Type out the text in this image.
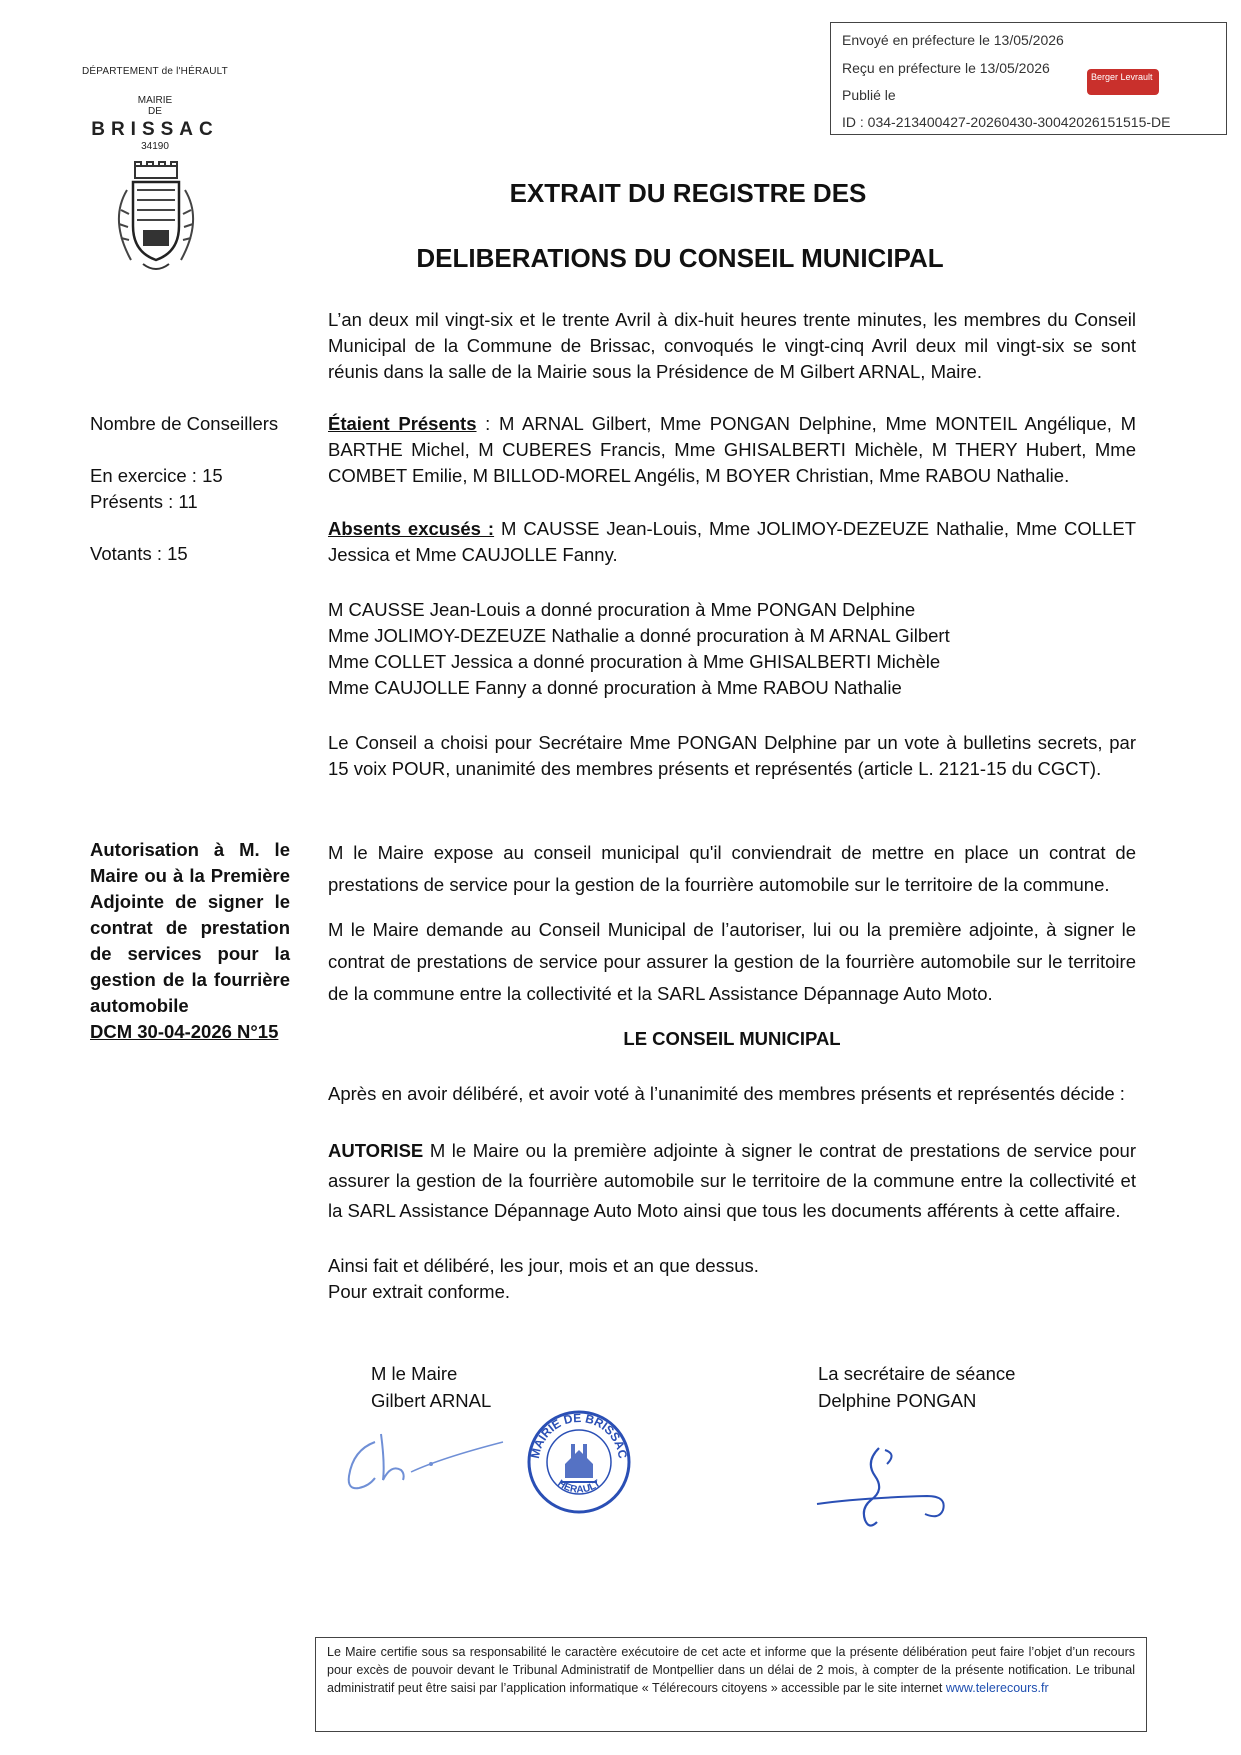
Envoyé en préfecture le 13/05/2026
Reçu en préfecture le 13/05/2026
Publié le
ID : 034-213400427-20260430-30042026151515-DE
Berger Levrault
DÉPARTEMENT de l'HÉRAULT
MAIRIE
DE
BRISSAC
34190
EXTRAIT DU REGISTRE DES
DELIBERATIONS DU CONSEIL MUNICIPAL
L’an deux mil vingt-six et le trente Avril à dix-huit heures trente minutes, les membres du Conseil Municipal de la Commune de Brissac, convoqués le vingt-cinq Avril deux mil vingt-six se sont réunis dans la salle de la Mairie sous la Présidence de M Gilbert ARNAL, Maire.
Nombre de Conseillers
En exercice : 15
Présents : 11
Votants : 15
Étaient Présents : M ARNAL Gilbert, Mme PONGAN Delphine, Mme MONTEIL Angélique, M BARTHE Michel, M CUBERES Francis, Mme GHISALBERTI Michèle, M THERY Hubert, Mme COMBET Emilie, M BILLOD-MOREL Angélis, M BOYER Christian, Mme RABOU Nathalie.
Absents excusés : M CAUSSE Jean-Louis, Mme JOLIMOY-DEZEUZE Nathalie, Mme COLLET Jessica et Mme CAUJOLLE Fanny.
M CAUSSE Jean-Louis a donné procuration à Mme PONGAN Delphine
Mme JOLIMOY-DEZEUZE Nathalie a donné procuration à M ARNAL Gilbert
Mme COLLET Jessica a donné procuration à Mme GHISALBERTI Michèle
Mme CAUJOLLE Fanny a donné procuration à Mme RABOU Nathalie
Le Conseil a choisi pour Secrétaire Mme PONGAN Delphine par un vote à bulletins secrets, par 15 voix POUR, unanimité des membres présents et représentés (article L. 2121-15 du CGCT).
Autorisation à M. le Maire ou à la Première Adjointe de signer le contrat de prestation de services pour la gestion de la fourrière automobile
DCM 30-04-2026 N°15
M le Maire expose au conseil municipal qu'il conviendrait de mettre en place un contrat de prestations de service pour la gestion de la fourrière automobile sur le territoire de la commune.
M le Maire demande au Conseil Municipal de l’autoriser, lui ou la première adjointe, à signer le contrat de prestations de service pour assurer la gestion de la fourrière automobile sur le territoire de la commune entre la collectivité et la SARL Assistance Dépannage Auto Moto.
LE CONSEIL MUNICIPAL
Après en avoir délibéré, et avoir voté à l’unanimité des membres présents et représentés décide :
AUTORISE M le Maire ou la première adjointe à signer le contrat de prestations de service pour assurer la gestion de la fourrière automobile sur le territoire de la commune entre la collectivité et la SARL Assistance Dépannage Auto Moto ainsi que tous les documents afférents à cette affaire.
Ainsi fait et délibéré, les jour, mois et an que dessus.
Pour extrait conforme.
M le Maire
Gilbert ARNAL
La secrétaire de séance
Delphine PONGAN
MAIRIE DE BRISSAC
HERAULT
Le Maire certifie sous sa responsabilité le caractère exécutoire de cet acte et informe que la présente délibération peut faire l’objet d’un recours pour excès de pouvoir devant le Tribunal Administratif de Montpellier dans un délai de 2 mois, à compter de la présente notification. Le tribunal administratif peut être saisi par l’application informatique « Télérecours citoyens » accessible par le site internet www.telerecours.fr
